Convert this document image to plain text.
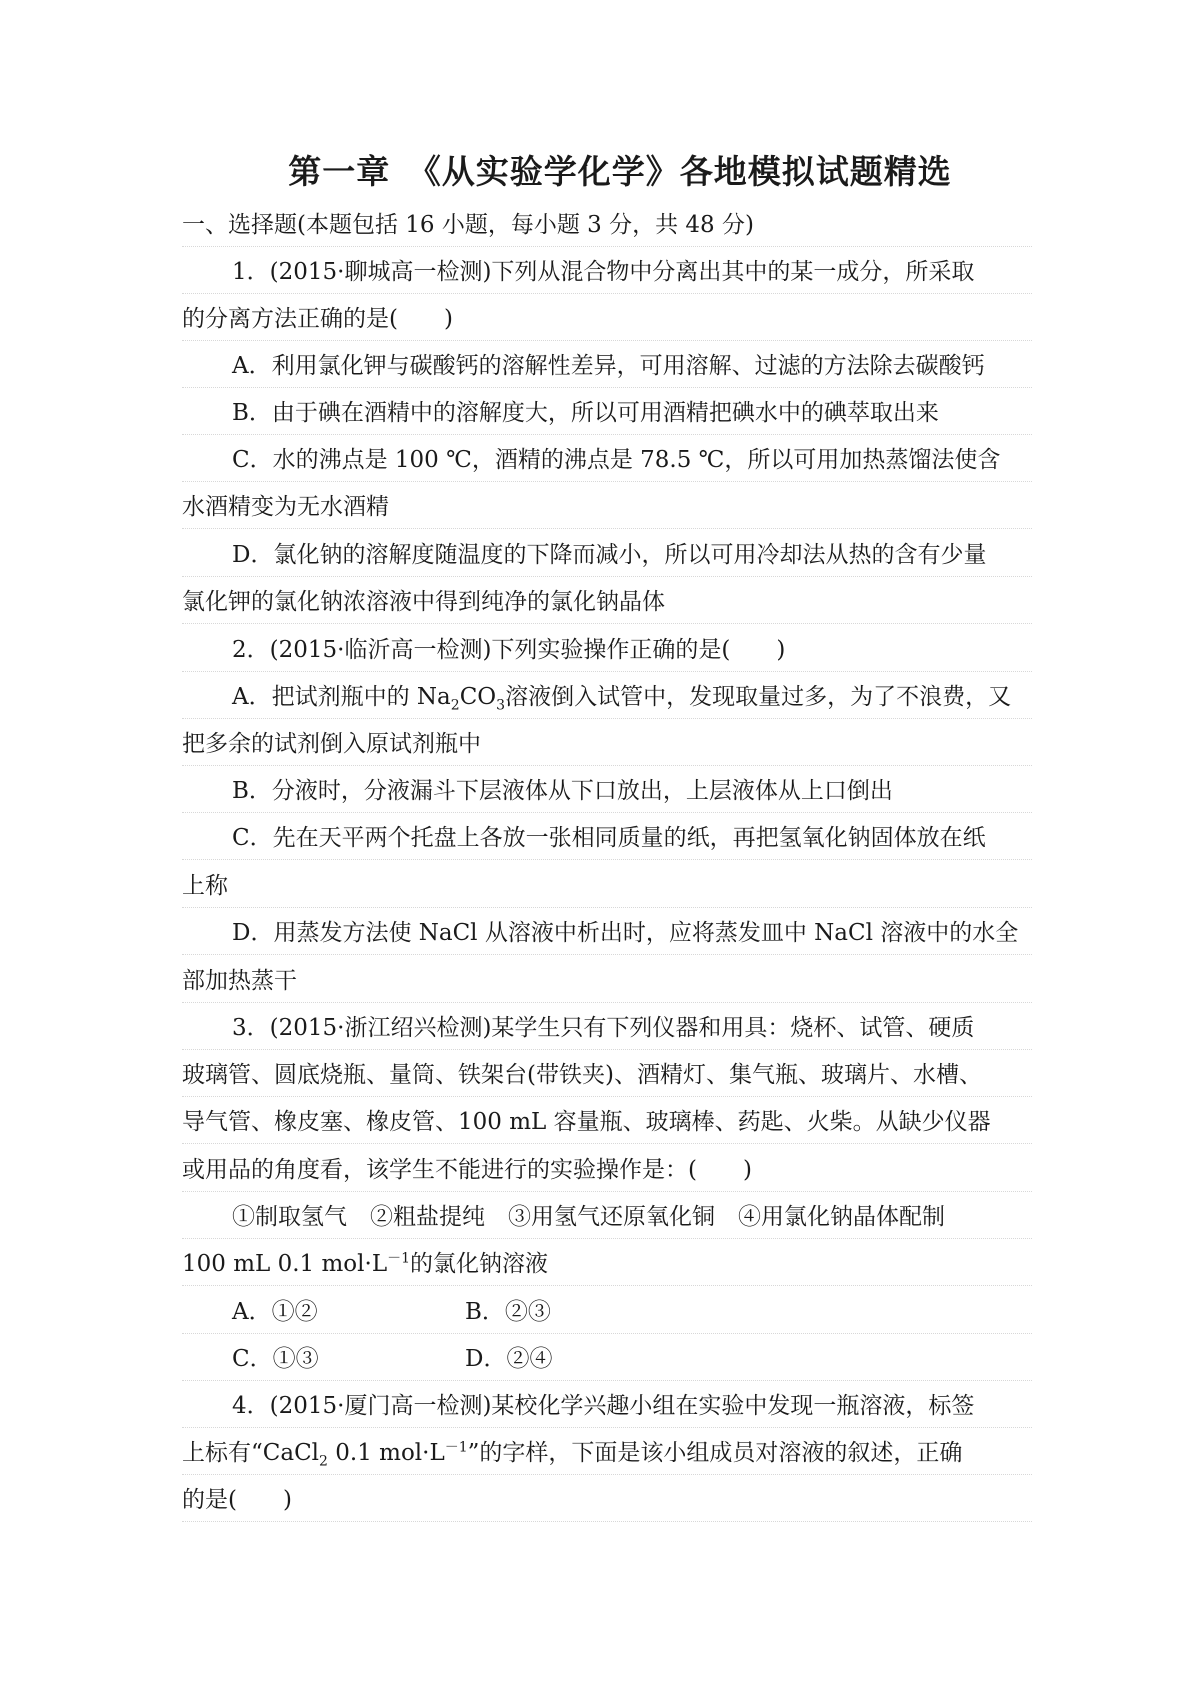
第一章　《从实验学化学》各地模拟试题精选
一、选择题(本题包括 16 小题，每小题 3 分，共 48 分)
1．(2015·聊城高一检测)下列从混合物中分离出其中的某一成分，所采取
的分离方法正确的是(　　)
A．利用氯化钾与碳酸钙的溶解性差异，可用溶解、过滤的方法除去碳酸钙
B．由于碘在酒精中的溶解度大，所以可用酒精把碘水中的碘萃取出来
C．水的沸点是 100 ℃，酒精的沸点是 78.5 ℃，所以可用加热蒸馏法使含
水酒精变为无水酒精
D．氯化钠的溶解度随温度的下降而减小，所以可用冷却法从热的含有少量
氯化钾的氯化钠浓溶液中得到纯净的氯化钠晶体
2．(2015·临沂高一检测)下列实验操作正确的是(　　)
A．把试剂瓶中的 $Na_2CO_3$溶液倒入试管中，发现取量过多，为了不浪费，又
把多余的试剂倒入原试剂瓶中
B．分液时，分液漏斗下层液体从下口放出，上层液体从上口倒出
C．先在天平两个托盘上各放一张相同质量的纸，再把氢氧化钠固体放在纸
上称
D．用蒸发方法使 NaCl 从溶液中析出时，应将蒸发皿中 NaCl 溶液中的水全
部加热蒸干
3．(2015·浙江绍兴检测)某学生只有下列仪器和用具：烧杯、试管、硬质
玻璃管、圆底烧瓶、量筒、铁架台(带铁夹)、酒精灯、集气瓶、玻璃片、水槽、
导气管、橡皮塞、橡皮管、100 mL 容量瓶、玻璃棒、药匙、火柴。从缺少仪器
或用品的角度看，该学生不能进行的实验操作是：(　　)
①制取氢气　②粗盐提纯　③用氢气还原氧化铜　④用氯化钠晶体配制
100 mL 0.1 $mol\cdot L^{-1}$的氯化钠溶液
A．①②	B．②③
C．①③	D．②④
4．(2015·厦门高一检测)某校化学兴趣小组在实验中发现一瓶溶液，标签
上标有“CaCl$_2$ 0.1 $mol\cdot L^{-1}$”的字样，下面是该小组成员对溶液的叙述，正确
的是(　　)
